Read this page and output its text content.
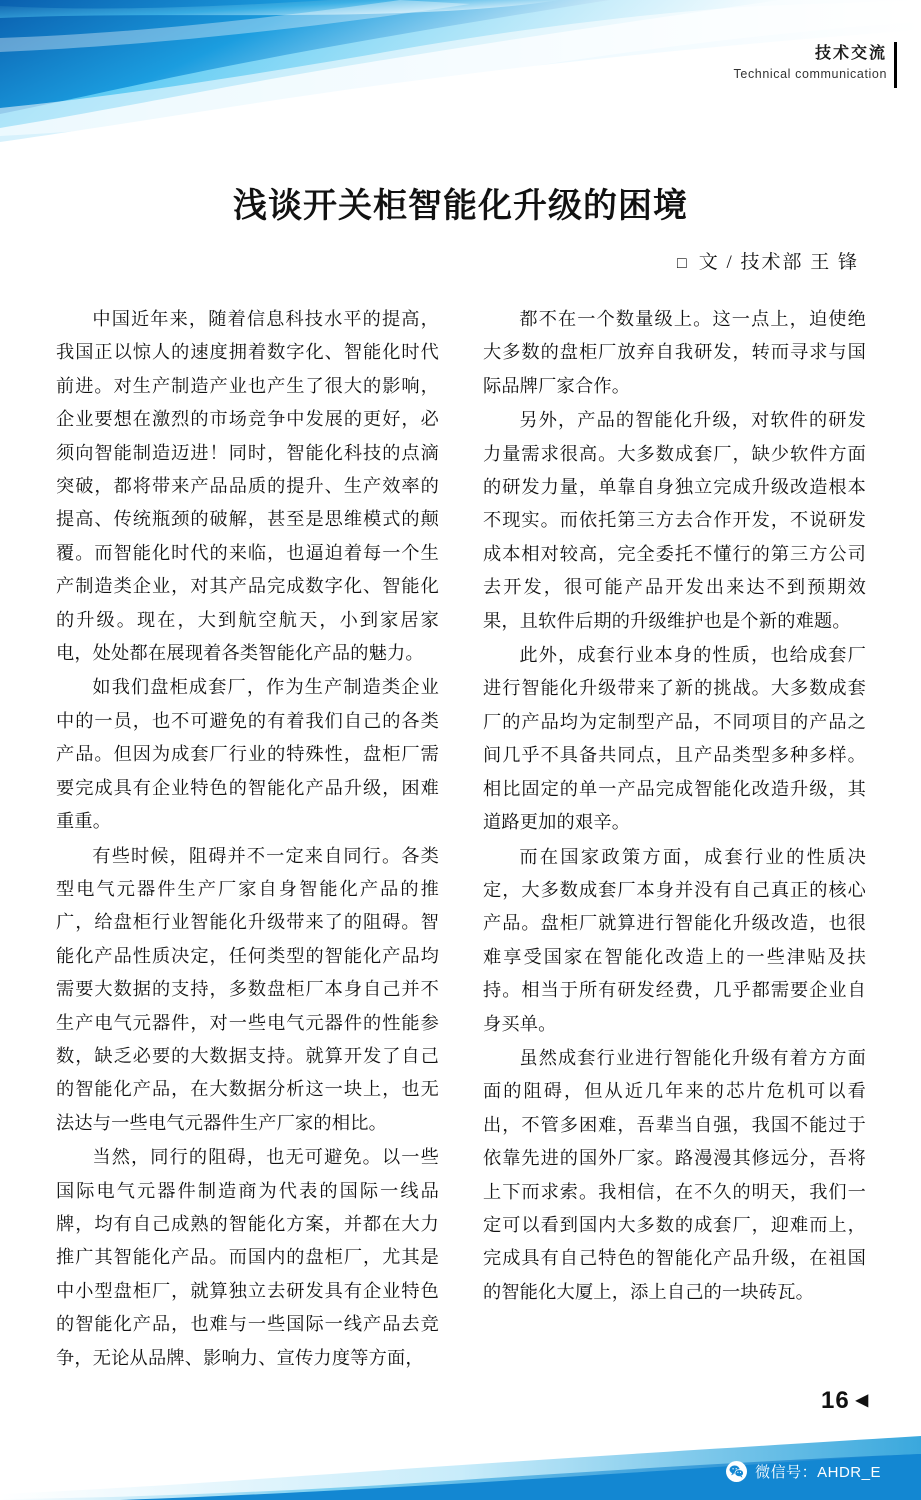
技术交流
Technical communication
浅谈开关柜智能化升级的困境
□ 文 / 技术部 王 锋

中国近年来，随着信息科技水平的提高，我国正以惊人的速度拥着数字化、智能化时代前进。对生产制造产业也产生了很大的影响，企业要想在激烈的市场竞争中发展的更好，必须向智能制造迈进！同时，智能化科技的点滴突破，都将带来产品品质的提升、生产效率的提高、传统瓶颈的破解，甚至是思维模式的颠覆。而智能化时代的来临，也逼迫着每一个生产制造类企业，对其产品完成数字化、智能化的升级。现在，大到航空航天，小到家居家电，处处都在展现着各类智能化产品的魅力。

如我们盘柜成套厂，作为生产制造类企业中的一员，也不可避免的有着我们自己的各类产品。但因为成套厂行业的特殊性，盘柜厂需要完成具有企业特色的智能化产品升级，困难重重。

有些时候，阻碍并不一定来自同行。各类型电气元器件生产厂家自身智能化产品的推广，给盘柜行业智能化升级带来了的阻碍。智能化产品性质决定，任何类型的智能化产品均需要大数据的支持，多数盘柜厂本身自己并不生产电气元器件，对一些电气元器件的性能参数，缺乏必要的大数据支持。就算开发了自己的智能化产品，在大数据分析这一块上，也无法达与一些电气元器件生产厂家的相比。

当然，同行的阻碍，也无可避免。以一些国际电气元器件制造商为代表的国际一线品牌，均有自己成熟的智能化方案，并都在大力推广其智能化产品。而国内的盘柜厂，尤其是中小型盘柜厂，就算独立去研发具有企业特色的智能化产品，也难与一些国际一线产品去竞争，无论从品牌、影响力、宣传力度等方面，

都不在一个数量级上。这一点上，迫使绝大多数的盘柜厂放弃自我研发，转而寻求与国际品牌厂家合作。

另外，产品的智能化升级，对软件的研发力量需求很高。大多数成套厂，缺少软件方面的研发力量，单靠自身独立完成升级改造根本不现实。而依托第三方去合作开发，不说研发成本相对较高，完全委托不懂行的第三方公司去开发，很可能产品开发出来达不到预期效果，且软件后期的升级维护也是个新的难题。

此外，成套行业本身的性质，也给成套厂进行智能化升级带来了新的挑战。大多数成套厂的产品均为定制型产品，不同项目的产品之间几乎不具备共同点，且产品类型多种多样。相比固定的单一产品完成智能化改造升级，其道路更加的艰辛。

而在国家政策方面，成套行业的性质决定，大多数成套厂本身并没有自己真正的核心产品。盘柜厂就算进行智能化升级改造，也很难享受国家在智能化改造上的一些津贴及扶持。相当于所有研发经费，几乎都需要企业自身买单。

虽然成套行业进行智能化升级有着方方面面的阻碍，但从近几年来的芯片危机可以看出，不管多困难，吾辈当自强，我国不能过于依靠先进的国外厂家。路漫漫其修远分，吾将上下而求索。我相信，在不久的明天，我们一定可以看到国内大多数的成套厂，迎难而上，完成具有自己特色的智能化产品升级，在祖国的智能化大厦上，添上自己的一块砖瓦。

16 ◀
微信号：AHDR_E
